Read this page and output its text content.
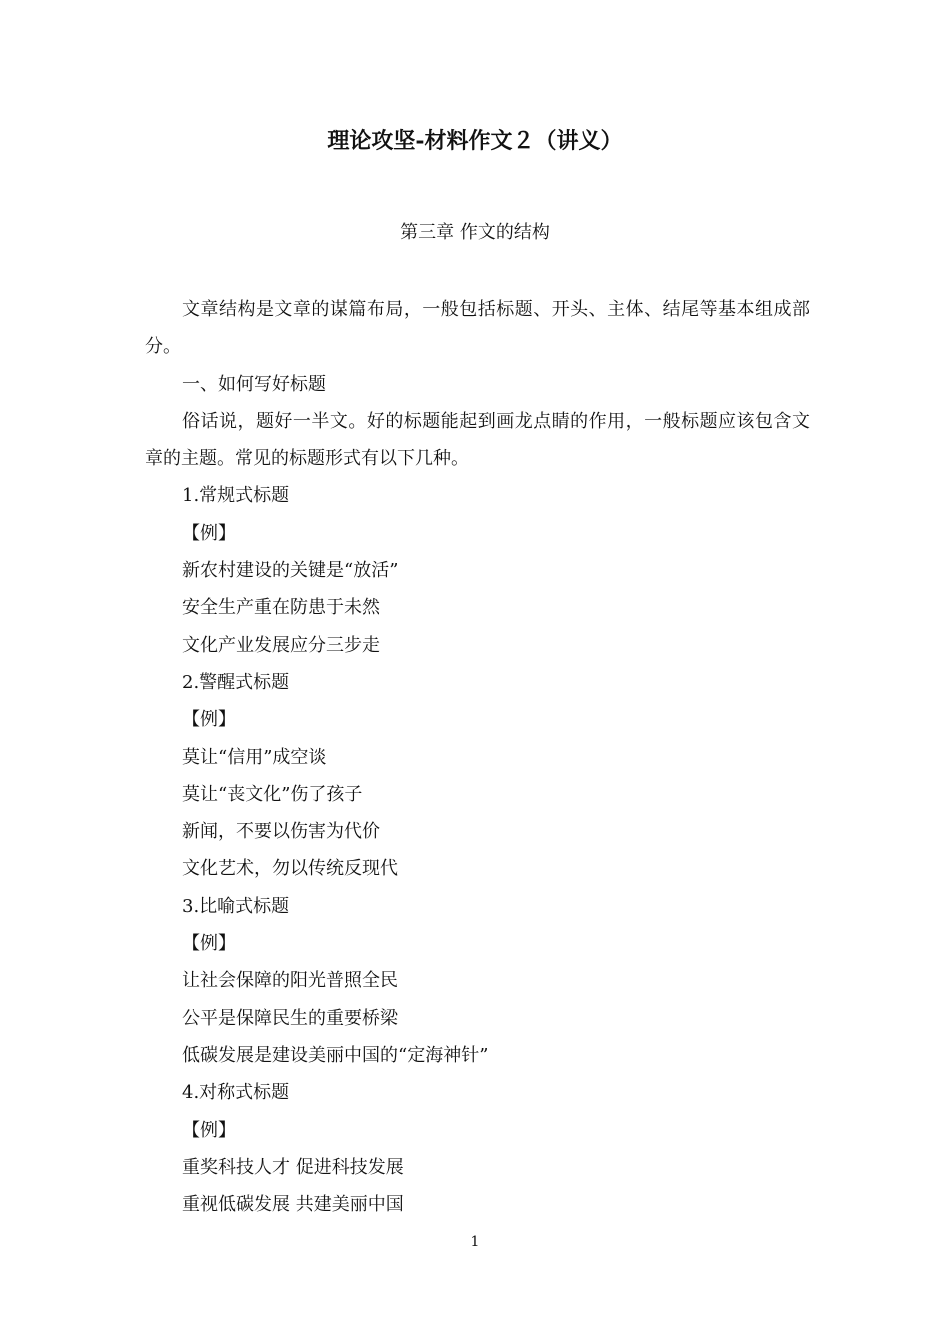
理论攻坚-材料作文２（讲义）
第三章 作文的结构

文章结构是文章的谋篇布局，一般包括标题、开头、主体、结尾等基本组成部分。

一、如何写好标题

俗话说，题好一半文。好的标题能起到画龙点睛的作用，一般标题应该包含文章的主题。常见的标题形式有以下几种。

1.常规式标题

【例】

新农村建设的关键是“放活”

安全生产重在防患于未然

文化产业发展应分三步走

2.警醒式标题

【例】

莫让“信用”成空谈

莫让“丧文化”伤了孩子

新闻，不要以伤害为代价

文化艺术，勿以传统反现代

3.比喻式标题

【例】

让社会保障的阳光普照全民

公平是保障民生的重要桥梁

低碳发展是建设美丽中国的“定海神针”

4.对称式标题

【例】

重奖科技人才 促进科技发展

重视低碳发展 共建美丽中国

1
